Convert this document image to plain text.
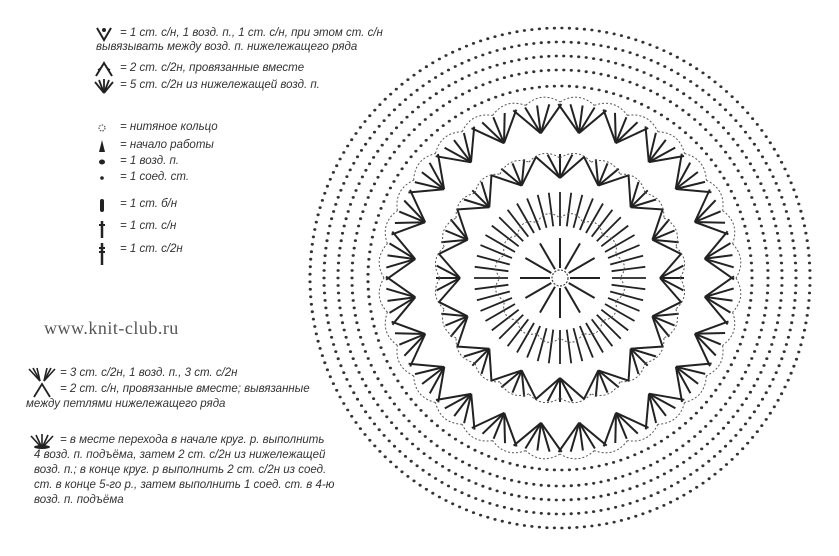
= 1 ст. с/н, 1 возд. п., 1 ст. с/н, при этом ст. с/н
вывязывать между возд. п. нижележащего ряда
= 2 ст. с/2н, провязанные вместе
= 5 ст. с/2н из нижележащей возд. п.
= нитяное кольцо
= начало работы
= 1 возд. п.
= 1 соед. ст.
= 1 ст. б/н
= 1 ст. с/н
= 1 ст. с/2н
www.knit-club.ru
= 3 ст. с/2н, 1 возд. п., 3 ст. с/2н
= 2 ст. с/н, провязанные вместе; вывязанные
между петлями нижележащего ряда
= в месте перехода в начале круг. р. выполнить
4 возд. п. подъёма, затем 2 ст. с/2н из нижележащей
возд. п.; в конце круг. р выполнить 2 ст. с/2н из соед.
ст. в конце 5-го р., затем выполнить 1 соед. ст. в 4-ю
возд. п. подъёма
